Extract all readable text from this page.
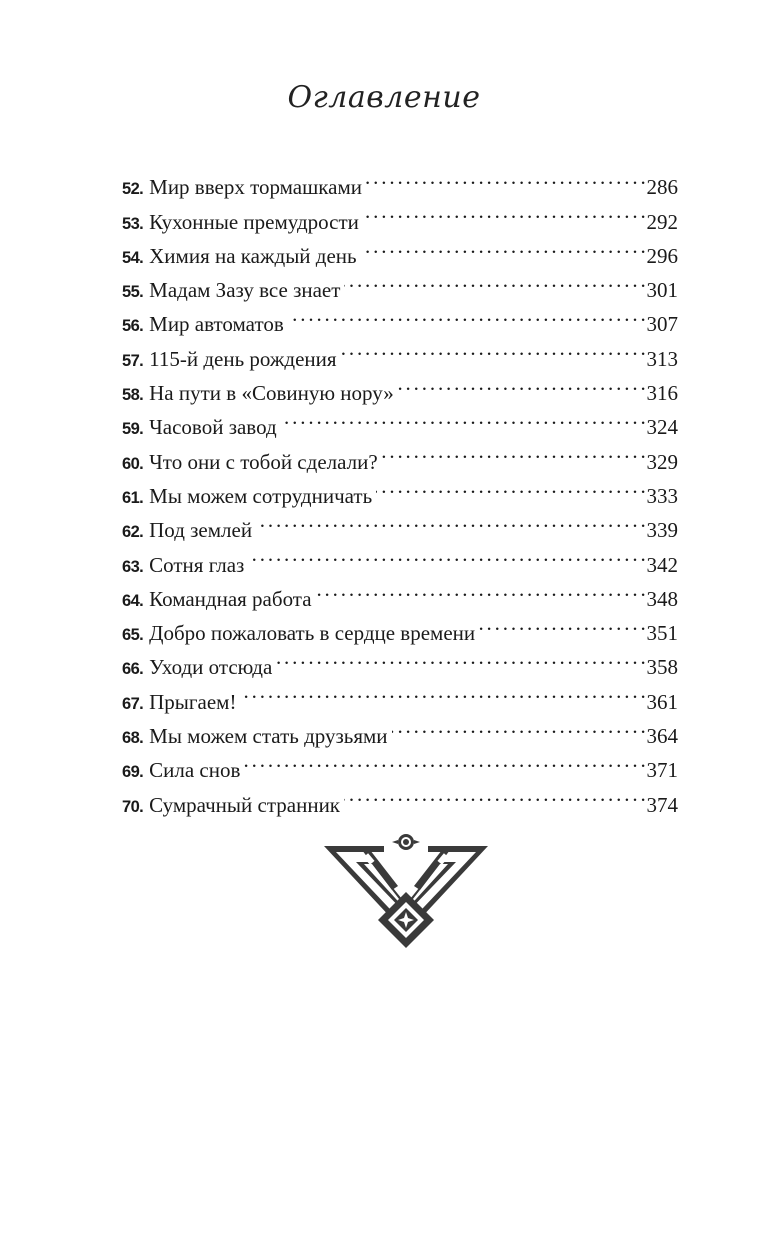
Оглавление
52. Мир вверх тормашками . . .	286
53. Кухонные премудрости . . .	292
54. Химия на каждый день . . .	296
55. Мадам Зазу все знает . . .	301
56. Мир автоматов . . .	307
57. 115-й день рождения . . .	313
58. На пути в «Совиную нору» . . .	316
59. Часовой завод . . .	324
60. Что они с тобой сделали? . . .	329
61. Мы можем сотрудничать . . .	333
62. Под землей . . .	339
63. Сотня глаз . . .	342
64. Командная работа . . .	348
65. Добро пожаловать в сердце времени . . .	351
66. Уходи отсюда . . .	358
67. Прыгаем! . . .	361
68. Мы можем стать друзьями . . .	364
69. Сила снов . . .	371
70. Сумрачный странник . . .	374
